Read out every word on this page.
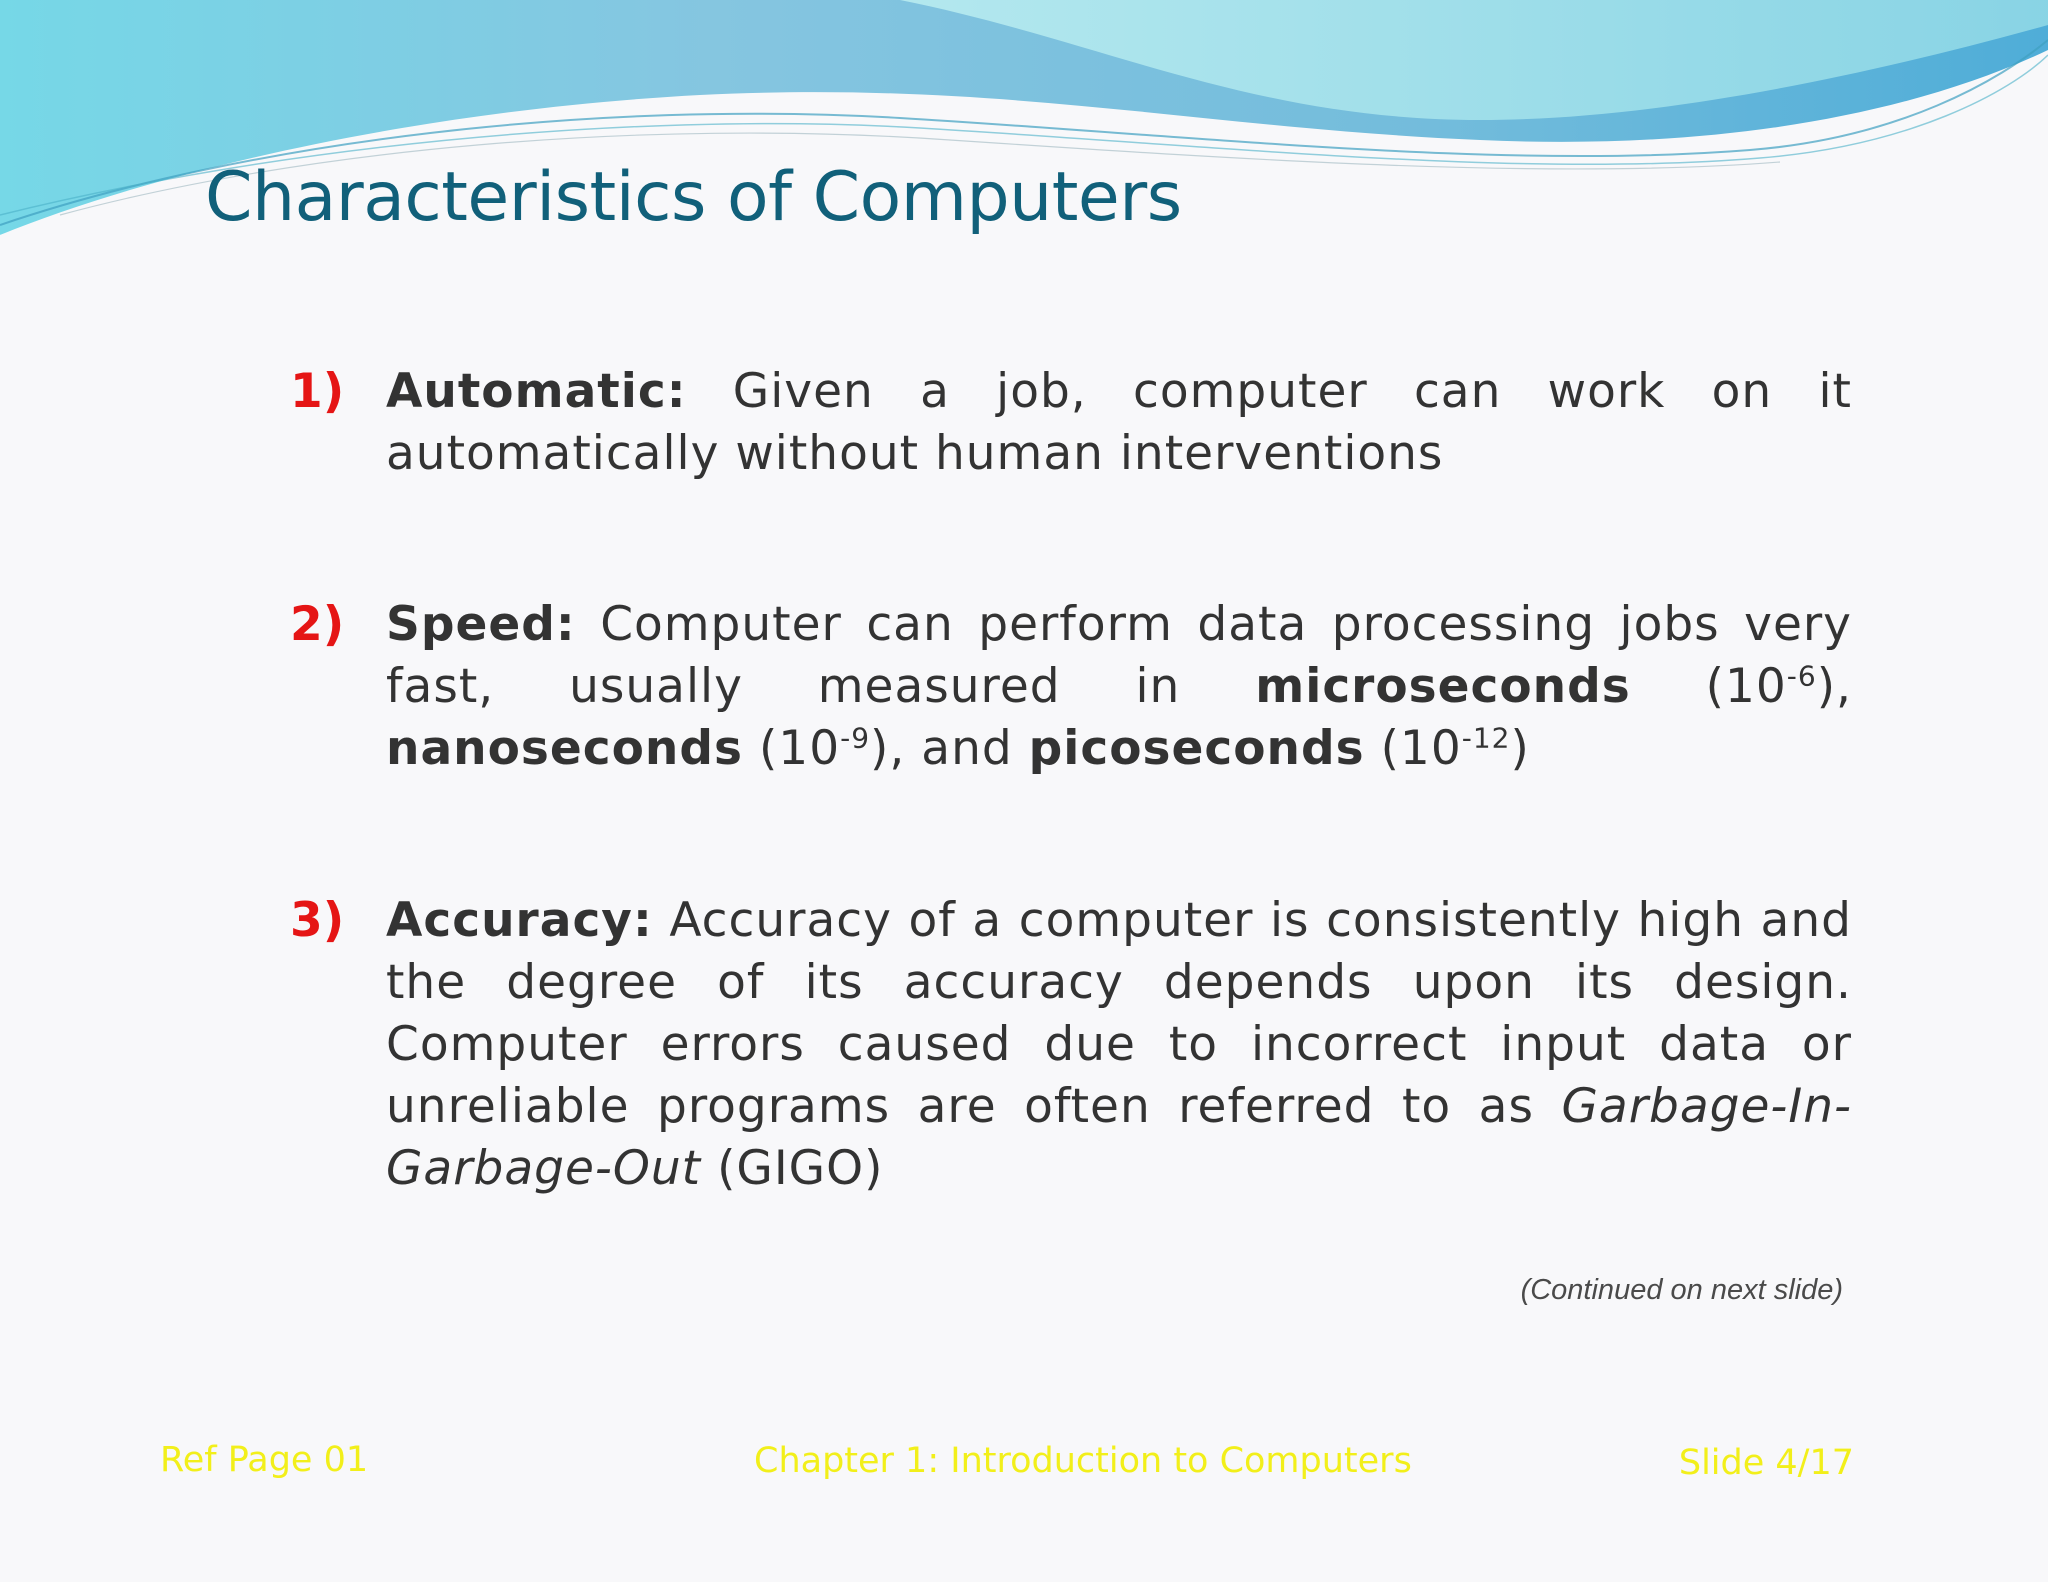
Characteristics of Computers
1) Automatic: Given a job, computer can work on it automatically without human interventions
2) Speed: Computer can perform data processing jobs very fast, usually measured in microseconds $(10^{-6})$, nanoseconds $(10^{-9})$, and picoseconds $(10^{-12})$
3) Accuracy: Accuracy of a computer is consistently high and the degree of its accuracy depends upon its design. Computer errors caused due to incorrect input data or unreliable programs are often referred to as Garbage-In-Garbage-Out (GIGO)
(Continued on next slide)
Ref Page 01	Chapter 1: Introduction to Computers	Slide 4/17
